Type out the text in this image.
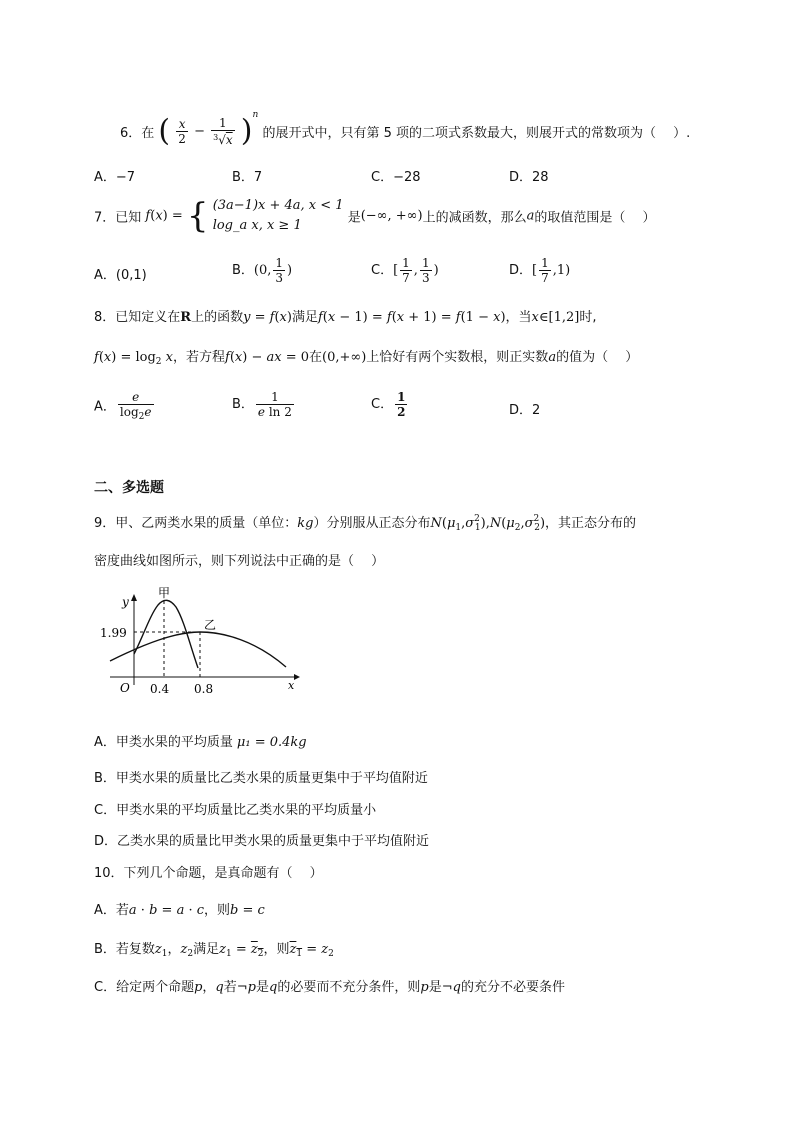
6．在 ( $\frac{x}{2} - \frac{1}{^3√x} )^n$ 的展开式中，只有第 5 项的二项式系数最大，则展开式的常数项为（　 ）.
A．−7	B．7	C．−28	D．28
7．已知 f(x) = { (3a−1)x + 4a, x < 1
log_a x, x ≥ 1	是(−∞, +∞)上的减函数，那么a的取值范围是（　 ）
A．(0,1)	B．(0, $\frac{1}{3}$ )	C．[ $\frac{1}{7}$ , $\frac{1}{3}$ )	D．[ $\frac{1}{7} ,1$)
8．已知定义在R上的函数y = f(x)满足f(x − 1) = f(x + 1) = f(1 − x)，当x∈[1,2]时,
$f(x) = \log_2 x$，若方程f(x) − ax = 0在(0,+∞)上恰好有两个实数根，则正实数a的值为（　 ）
A． $\frac{e}{\log_2e}$	B． $\frac{1}{\text{e ln 2}}$	C． $\frac{1}{2}$	D．2
二、多选题
9．甲、乙两类水果的质量（单位：kg）分别服从正态分布$N(\mu_1,\sigma^2_1),N(\mu_2,\sigma^2_2)$，其正态分布的
密度曲线如图所示，则下列说法中正确的是（　 ）
甲
乙
y
x
O
1.99
0.4 0.8
A．甲类水果的平均质量 μ₁ = 0.4kg
B．甲类水果的质量比乙类水果的质量更集中于平均值附近
C．甲类水果的平均质量比乙类水果的平均质量小
D．乙类水果的质量比甲类水果的质量更集中于平均值附近
10．下列几个命题，是真命题有（　 ）
A．若a · b = a · c，则b = c
B．若复数$z_1$，$z_2$满足$z_1 = z_2$，则$z_1 = z_2$
C．给定两个命题p，q若¬p是q的必要而不充分条件，则p是¬q的充分不必要条件
